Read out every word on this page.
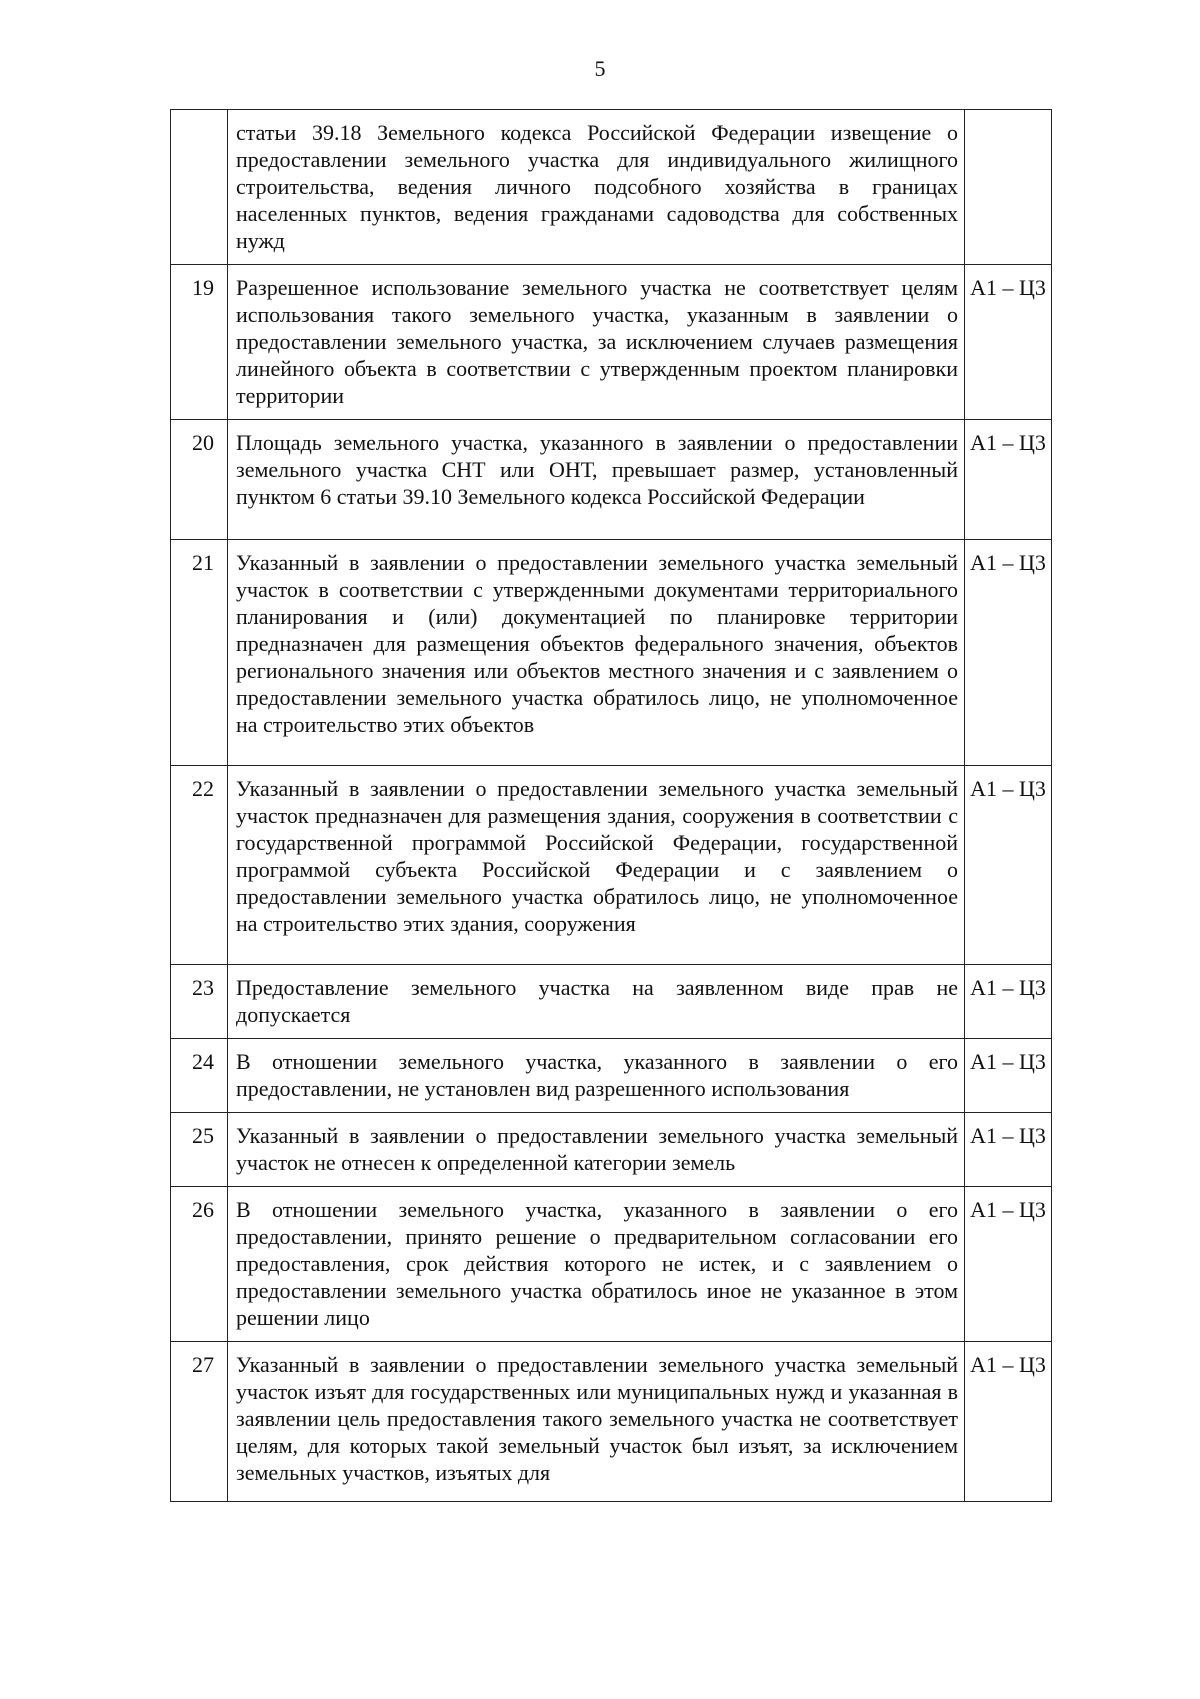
5
	статьи 39.18 Земельного кодекса Российской Федерации извещение о предоставлении земельного участка для индивидуального жилищного строительства, ведения личного подсобного хозяйства в границах населенных пунктов, ведения гражданами садоводства для собственных нужд	
19	Разрешенное использование земельного участка не соответствует целям использования такого земельного участка, указанным в заявлении о предоставлении земельного участка, за исключением случаев размещения линейного объекта в соответствии с утвержденным проектом планировки территории	А1 – Ц3
20	Площадь земельного участка, указанного в заявлении о предоставлении земельного участка СНТ или ОНТ, превышает размер, установленный пунктом 6 статьи 39.10 Земельного кодекса Российской Федерации	А1 – Ц3
21	Указанный в заявлении о предоставлении земельного участка земельный участок в соответствии с утвержденными документами территориального планирования и (или) документацией по планировке территории предназначен для размещения объектов федерального значения, объектов регионального значения или объектов местного значения и с заявлением о предоставлении земельного участка обратилось лицо, не уполномоченное на строительство этих объектов	А1 – Ц3
22	Указанный в заявлении о предоставлении земельного участка земельный участок предназначен для размещения здания, сооружения в соответствии с государственной программой Российской Федерации, государственной программой субъекта Российской Федерации и с заявлением о предоставлении земельного участка обратилось лицо, не уполномоченное на строительство этих здания, сооружения	А1 – Ц3
23	Предоставление земельного участка на заявленном виде прав не допускается	А1 – Ц3
24	В отношении земельного участка, указанного в заявлении о его предоставлении, не установлен вид разрешенного использования	А1 – Ц3
25	Указанный в заявлении о предоставлении земельного участка земельный участок не отнесен к определенной категории земель	А1 – Ц3
26	В отношении земельного участка, указанного в заявлении о его предоставлении, принято решение о предварительном согласовании его предоставления, срок действия которого не истек, и с заявлением о предоставлении земельного участка обратилось иное не указанное в этом решении лицо	А1 – Ц3
27	Указанный в заявлении о предоставлении земельного участка земельный участок изъят для государственных или муниципальных нужд и указанная в заявлении цель предоставления такого земельного участка не соответствует целям, для которых такой земельный участок был изъят, за исключением земельных участков, изъятых для	А1 – Ц3
